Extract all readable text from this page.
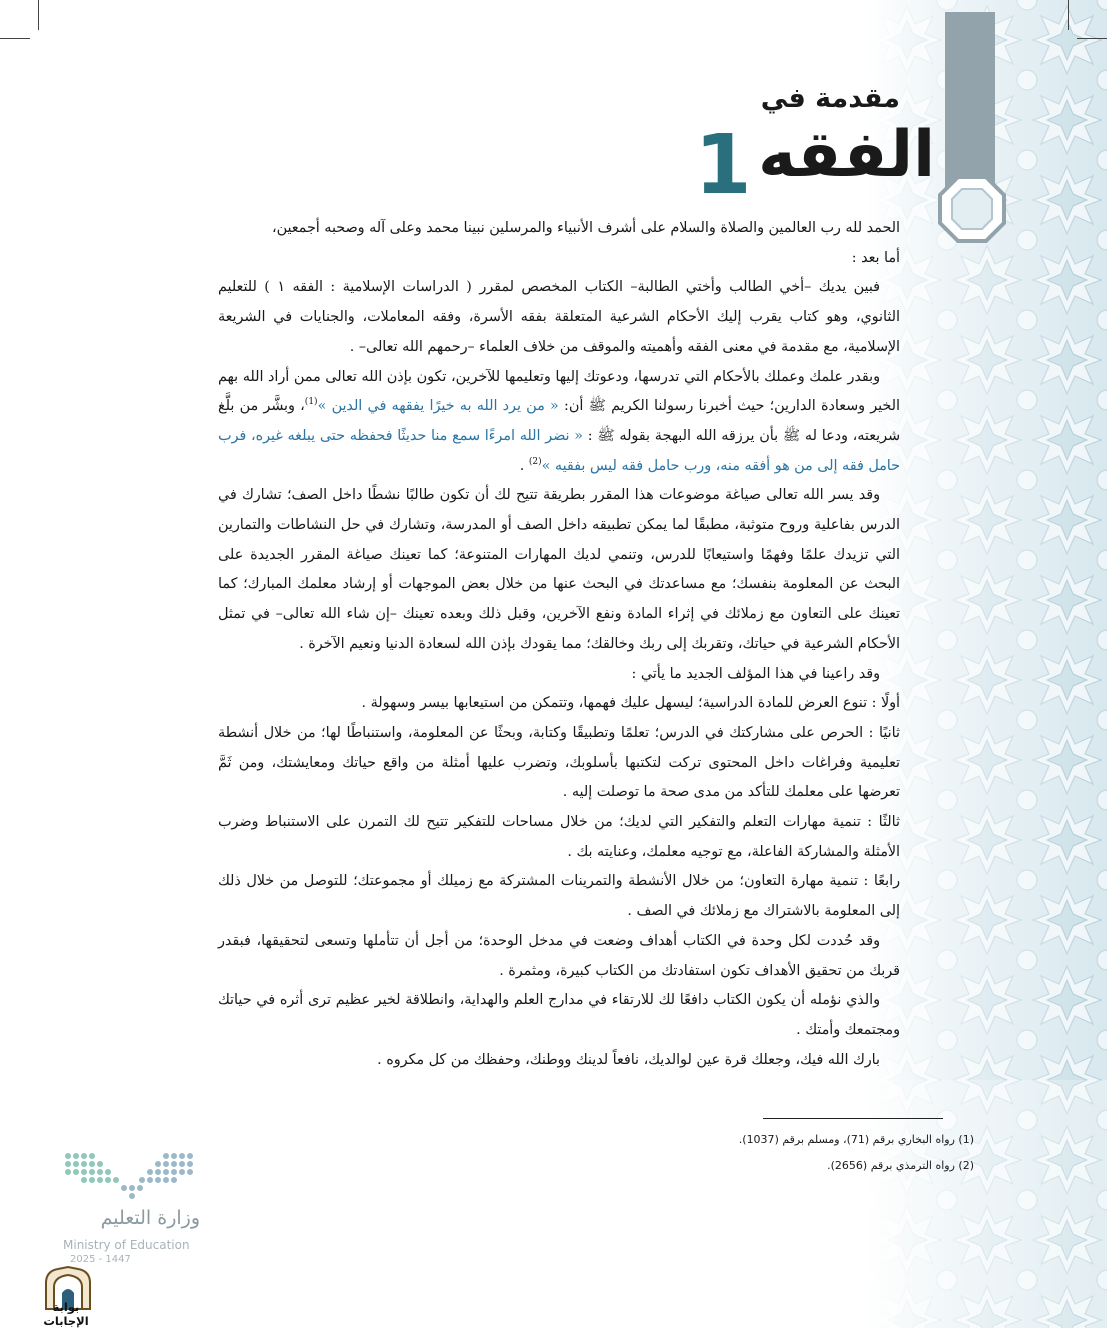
مقدمة في
الفقه
1

الحمد لله رب العالمين والصلاة والسلام على أشرف الأنبياء والمرسلين نبينا محمد وعلى آله وصحبه أجمعين،

أما بعد :

فبين يديك –أخي الطالب وأختي الطالبة– الكتاب المخصص لمقرر ( الدراسات الإسلامية : الفقه ١ ) للتعليم الثانوي، وهو كتاب يقرب إليك الأحكام الشرعية المتعلقة بفقه الأسرة، وفقه المعاملات، والجنايات في الشريعة الإسلامية، مع مقدمة في معنى الفقه وأهميته والموقف من خلاف العلماء –رحمهم الله تعالى– .

وبقدر علمك وعملك بالأحكام التي تدرسها، ودعوتك إليها وتعليمها للآخرين، تكون بإذن الله تعالى ممن أراد الله بهم الخير وسعادة الدارين؛ حيث أخبرنا رسولنا الكريم ﷺ أن: « من يرد الله به خيرًا يفقهه في الدين »$^{(1)}$، وبشَّر من بلَّغ شريعته، ودعا له ﷺ بأن يرزقه الله البهجة بقوله ﷺ : « نضر الله امرءًا سمع منا حديثًا فحفظه حتى يبلغه غيره، فرب حامل فقه إلى من هو أفقه منه، ورب حامل فقه ليس بفقيه »$^{(2)}$ .

وقد يسر الله تعالى صياغة موضوعات هذا المقرر بطريقة تتيح لك أن تكون طالبًا نشطًا داخل الصف؛ تشارك في الدرس بفاعلية وروح متوثبة، مطبقًا لما يمكن تطبيقه داخل الصف أو المدرسة، وتشارك في حل النشاطات والتمارين التي تزيدك علمًا وفهمًا واستيعابًا للدرس، وتنمي لديك المهارات المتنوعة؛ كما تعينك صياغة المقرر الجديدة على البحث عن المعلومة بنفسك؛ مع مساعدتك في البحث عنها من خلال بعض الموجهات أو إرشاد معلمك المبارك؛ كما تعينك على التعاون مع زملائك في إثراء المادة ونفع الآخرين، وقبل ذلك وبعده تعينك –إن شاء الله تعالى– في تمثل الأحكام الشرعية في حياتك، وتقربك إلى ربك وخالقك؛ مما يقودك بإذن الله لسعادة الدنيا ونعيم الآخرة .

وقد راعينا في هذا المؤلف الجديد ما يأتي :

أولًا : تنوع العرض للمادة الدراسية؛ ليسهل عليك فهمها، وتتمكن من استيعابها بيسر وسهولة .

ثانيًا : الحرص على مشاركتك في الدرس؛ تعلمًا وتطبيقًا وكتابة، وبحثًا عن المعلومة، واستنباطًا لها؛ من خلال أنشطة تعليمية وفراغات داخل المحتوى تركت لتكتبها بأسلوبك، وتضرب عليها أمثلة من واقع حياتك ومعايشتك، ومن ثَمَّ تعرضها على معلمك للتأكد من مدى صحة ما توصلت إليه .

ثالثًا : تنمية مهارات التعلم والتفكير التي لديك؛ من خلال مساحات للتفكير تتيح لك التمرن على الاستنباط وضرب الأمثلة والمشاركة الفاعلة، مع توجيه معلمك، وعنايته بك .

رابعًا : تنمية مهارة التعاون؛ من خلال الأنشطة والتمرينات المشتركة مع زميلك أو مجموعتك؛ للتوصل من خلال ذلك إلى المعلومة بالاشتراك مع زملائك في الصف .

وقد حُددت لكل وحدة في الكتاب أهداف وضعت في مدخل الوحدة؛ من أجل أن تتأملها وتسعى لتحقيقها، فبقدر قربك من تحقيق الأهداف تكون استفادتك من الكتاب كبيرة، ومثمرة .

والذي نؤمله أن يكون الكتاب دافعًا لك للارتقاء في مدارج العلم والهداية، وانطلاقة لخير عظيم ترى أثره في حياتك ومجتمعك وأمتك .

بارك الله فيك، وجعلك قرة عين لوالديك، نافعاً لدينك ووطنك، وحفظك من كل مكروه .

(1) رواه البخاري برقم (71)، ومسلم برقم (1037).
(2) رواه الترمذي برقم (2656).
وزارة التعليم
Ministry of Education
2025 - 1447
بوابة الإجابات
